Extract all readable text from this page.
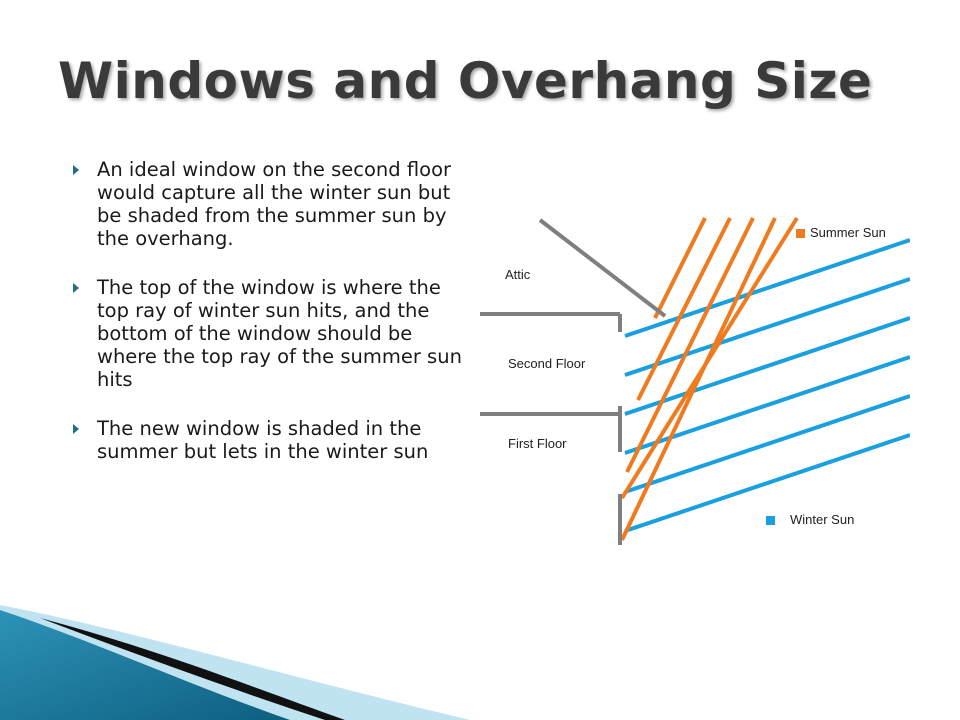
Windows and Overhang Size
An ideal window on the second floor would capture all the winter sun but be shaded from the summer sun by the overhang.
The top of the window is where the top ray of winter sun hits, and the bottom of the window should be where the top ray of the summer sun hits
The new window is shaded in the summer but lets in the winter sun
Attic
Second Floor
First Floor
Summer Sun
Winter Sun
